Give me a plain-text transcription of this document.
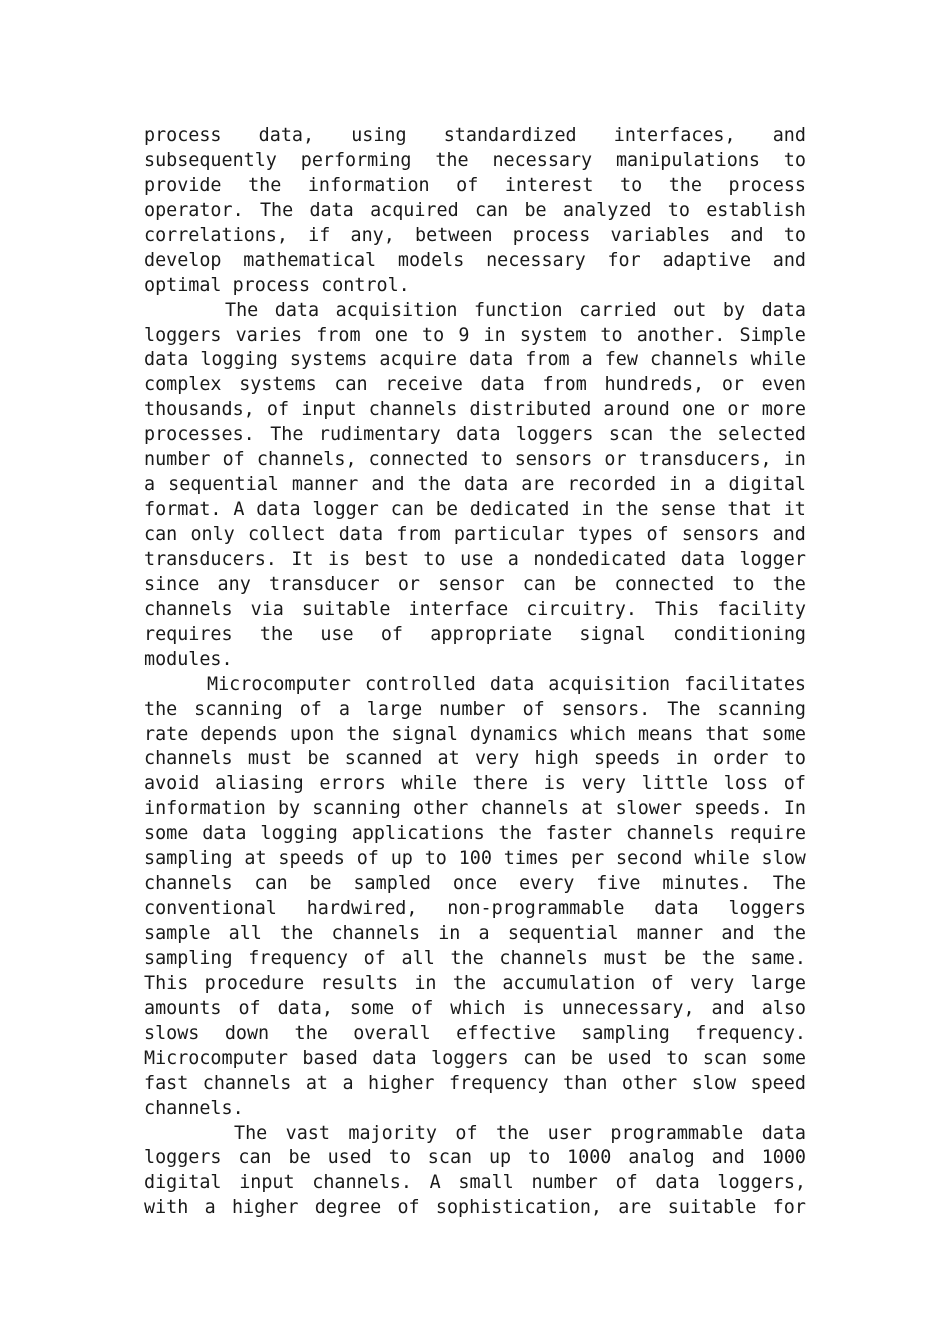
process data, using standardized interfaces, and
subsequently performing the necessary manipulations to
provide the information of interest to the process
operator. The data acquired can be analyzed to establish
correlations, if any, between process variables and to
develop mathematical models necessary for adaptive and
optimal process control.
The data acquisition function carried out by data
loggers varies from one to 9 in system to another. Simple
data logging systems acquire data from a few channels while
complex systems can receive data from hundreds, or even
thousands, of input channels distributed around one or more
processes. The rudimentary data loggers scan the selected
number of channels, connected to sensors or transducers, in
a sequential manner and the data are recorded in a digital
format. A data logger can be dedicated in the sense that it
can only collect data from particular types of sensors and
transducers. It is best to use a nondedicated data logger
since any transducer or sensor can be connected to the
channels via suitable interface circuitry. This facility
requires the use of appropriate signal conditioning
modules.
Microcomputer controlled data acquisition facilitates
the scanning of a large number of sensors. The scanning
rate depends upon the signal dynamics which means that some
channels must be scanned at very high speeds in order to
avoid aliasing errors while there is very little loss of
information by scanning other channels at slower speeds. In
some data logging applications the faster channels require
sampling at speeds of up to 100 times per second while slow
channels can be sampled once every five minutes. The
conventional hardwired, non-programmable data loggers
sample all the channels in a sequential manner and the
sampling frequency of all the channels must be the same.
This procedure results in the accumulation of very large
amounts of data, some of which is unnecessary, and also
slows down the overall effective sampling frequency.
Microcomputer based data loggers can be used to scan some
fast channels at a higher frequency than other slow speed
channels.
The vast majority of the user programmable data
loggers can be used to scan up to 1000 analog and 1000
digital input channels. A small number of data loggers,
with a higher degree of sophistication, are suitable for
